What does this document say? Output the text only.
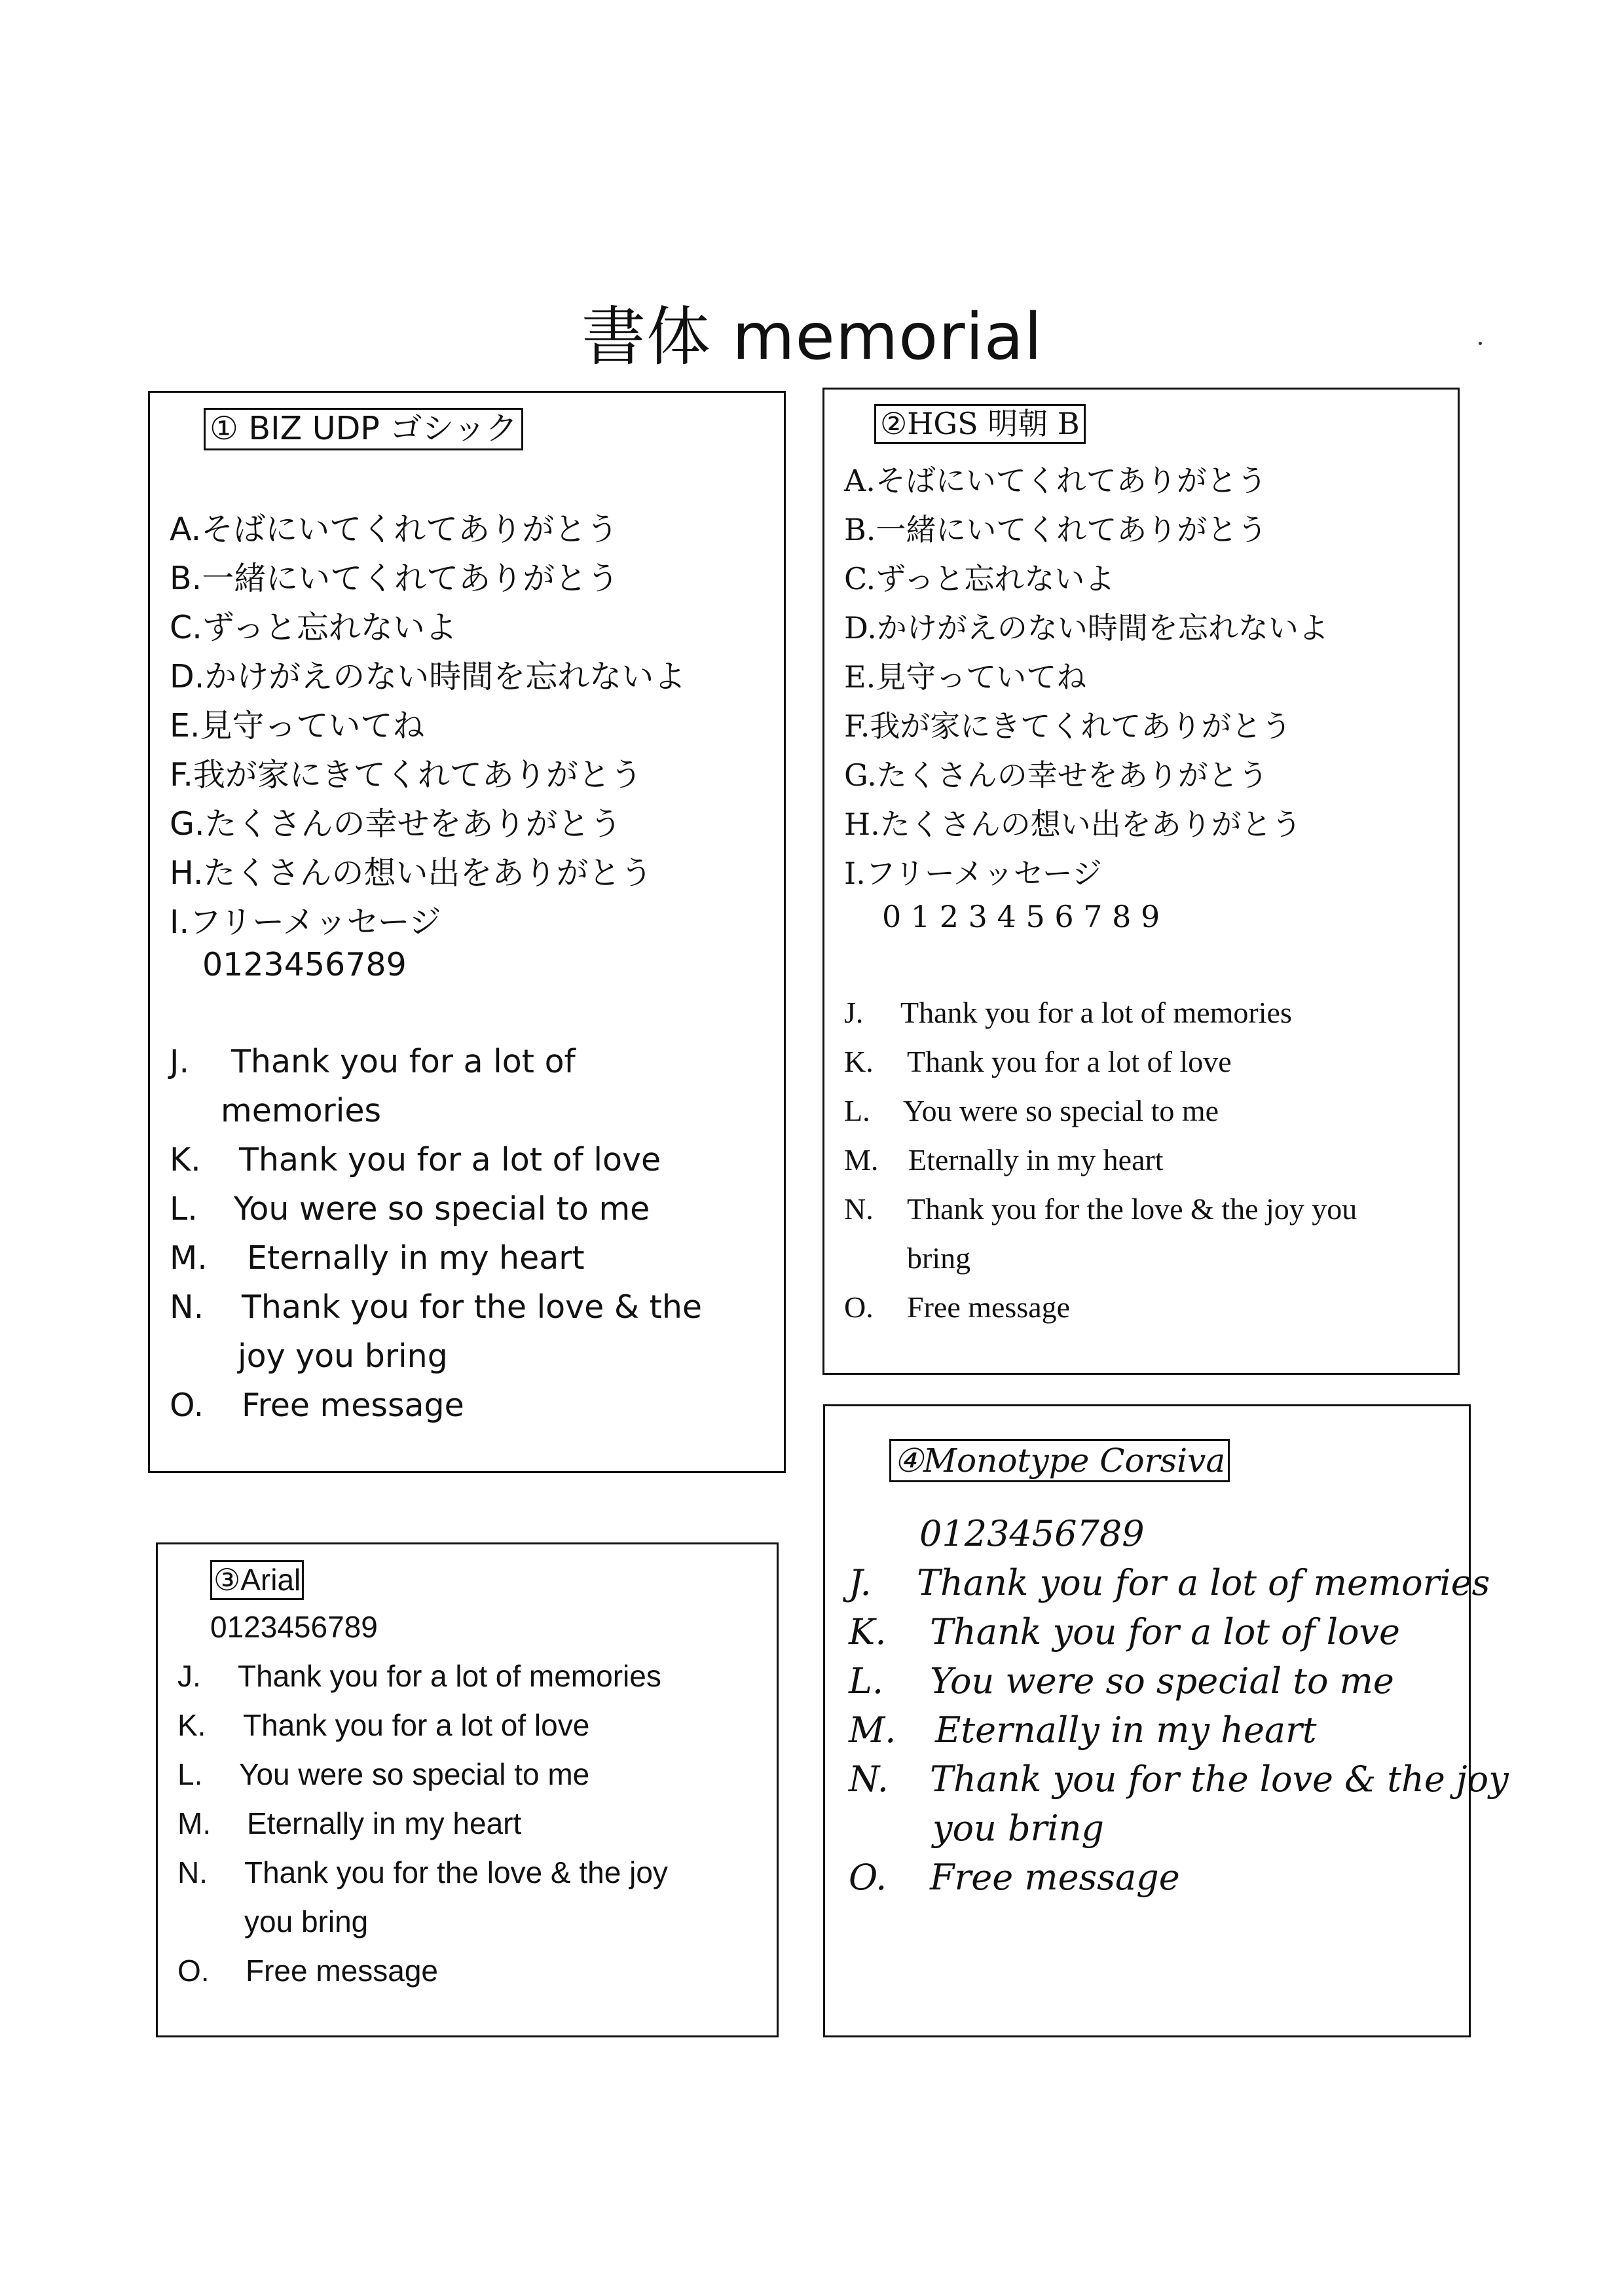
書体 memorial
① BIZ UDP ゴシック
A.そばにいてくれてありがとう
B.一緒にいてくれてありがとう
C.ずっと忘れないよ
D.かけがえのない時間を忘れないよ
E.見守っていてね
F.我が家にきてくれてありがとう
G.たくさんの幸せをありがとう
H.たくさんの想い出をありがとう
I.フリーメッセージ
0123456789
J. Thank you for a lot of
memories
K. Thank you for a lot of love
L. You were so special to me
M. Eternally in my heart
N. Thank you for the love & the
joy you bring
O. Free message
②HGS 明朝 B
A.そばにいてくれてありがとう
B.一緒にいてくれてありがとう
C.ずっと忘れないよ
D.かけがえのない時間を忘れないよ
E.見守っていてね
F.我が家にきてくれてありがとう
G.たくさんの幸せをありがとう
H.たくさんの想い出をありがとう
I.フリーメッセージ
0 1 2 3 4 5 6 7 8 9
J. Thank you for a lot of memories
K. Thank you for a lot of love
L. You were so special to me
M. Eternally in my heart
N. Thank you for the love & the joy you
bring
O. Free message
③Arial
0123456789
J. Thank you for a lot of memories
K. Thank you for a lot of love
L. You were so special to me
M. Eternally in my heart
N. Thank you for the love & the joy
you bring
O. Free message
④Monotype Corsiva
0123456789
J. Thank you for a lot of memories
K. Thank you for a lot of love
L. You were so special to me
M. Eternally in my heart
N. Thank you for the love & the joy
you bring
O. Free message
